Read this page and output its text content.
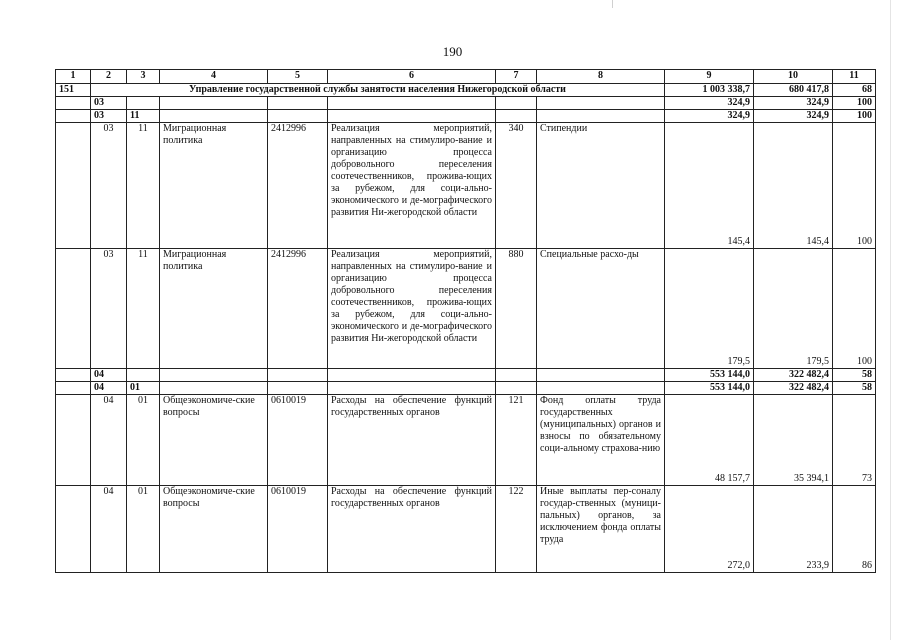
190
1	2	3	4	5	6	7	8	9	10	11
151	Управление государственной службы занятости населения Нижегородской области							1 003 338,7	680 417,8	68
	03							324,9	324,9	100
	03	11						324,9	324,9	100
	03	11	Миграционная политика	2412996	Реализация мероприятий, направленных на стимулиро-вание и организацию процесса добровольного переселения соотечественников, прожива-ющих за рубежом, для соци-ально-экономического и де-мографического развития Ни-жегородской области	340	Стипендии	145,4	145,4	100
	03	11	Миграционная политика	2412996	Реализация мероприятий, направленных на стимулиро-вание и организацию процесса добровольного переселения соотечественников, прожива-ющих за рубежом, для соци-ально-экономического и де-мографического развития Ни-жегородской области	880	Специальные расхо-ды	179,5	179,5	100
	04							553 144,0	322 482,4	58
	04	01						553 144,0	322 482,4	58
	04	01	Общеэкономиче-ские вопросы	0610019	Расходы на обеспечение функций государственных органов	121	Фонд оплаты труда государственных (муниципальных) органов и взносы по обязательному соци-альному страхова-нию	48 157,7	35 394,1	73
	04	01	Общеэкономиче-ские вопросы	0610019	Расходы на обеспечение функций государственных органов	122	Иные выплаты пер-соналу государ-ственных (муници-пальных) органов, за исключением фонда оплаты труда	272,0	233,9	86
